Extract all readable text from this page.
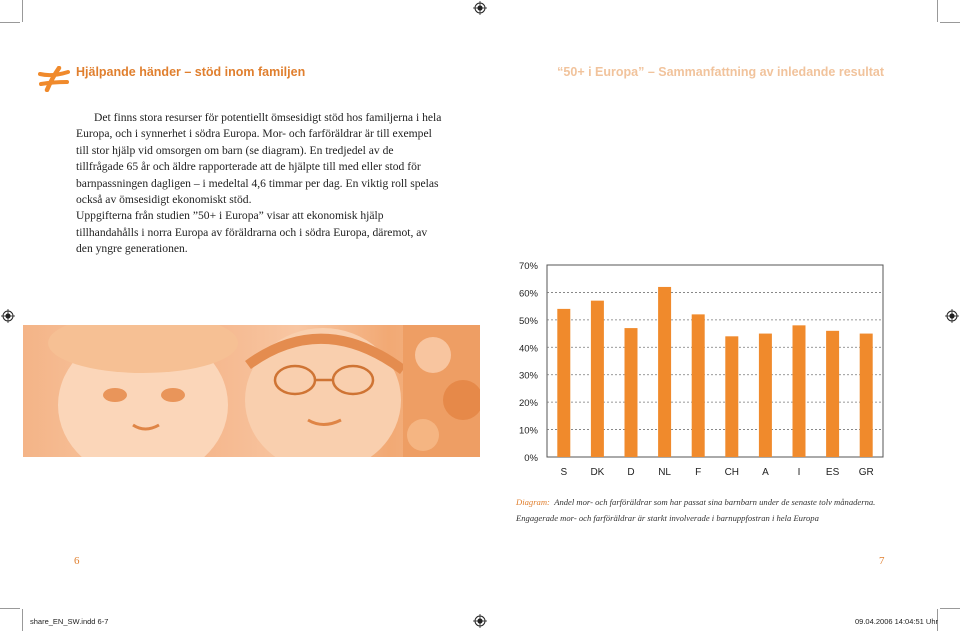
Hjälpande händer – stöd inom familjen	“50+ i Europa” – Sammanfattning av inledande resultat
Det finns stora resurser för potentiellt ömsesidigt stöd hos familjerna i hela Europa, och i synnerhet i södra Europa. Mor- och farföräldrar är till exempel till stor hjälp vid omsorgen om barn (se diagram). En tredjedel av de tillfrågade 65 år och äldre rapporterade att de hjälpte till med eller stod för barnpassningen dagligen – i medeltal 4,6 timmar per dag. En viktig roll spelas också av ömsesidigt ekonomiskt stöd.
Uppgifterna från studien ”50+ i Europa” visar att ekonomisk hjälp tillhandahålls i norra Europa av föräldrarna och i södra Europa, däremot, av den yngre generationen.
0%
10%
20%
30%
40%
50%
60%
70%
S DK D NL F CH A	I	ES GR
Diagram: Andel mor- och farföräldrar som har passat sina barnbarn under de senaste tolv månaderna.
Engagerade mor- och farföräldrar är starkt involverade i barnuppfostran i hela Europa
6	7
share_EN_SW.indd 6-7	09.04.2006 14:04:51 Uhr
